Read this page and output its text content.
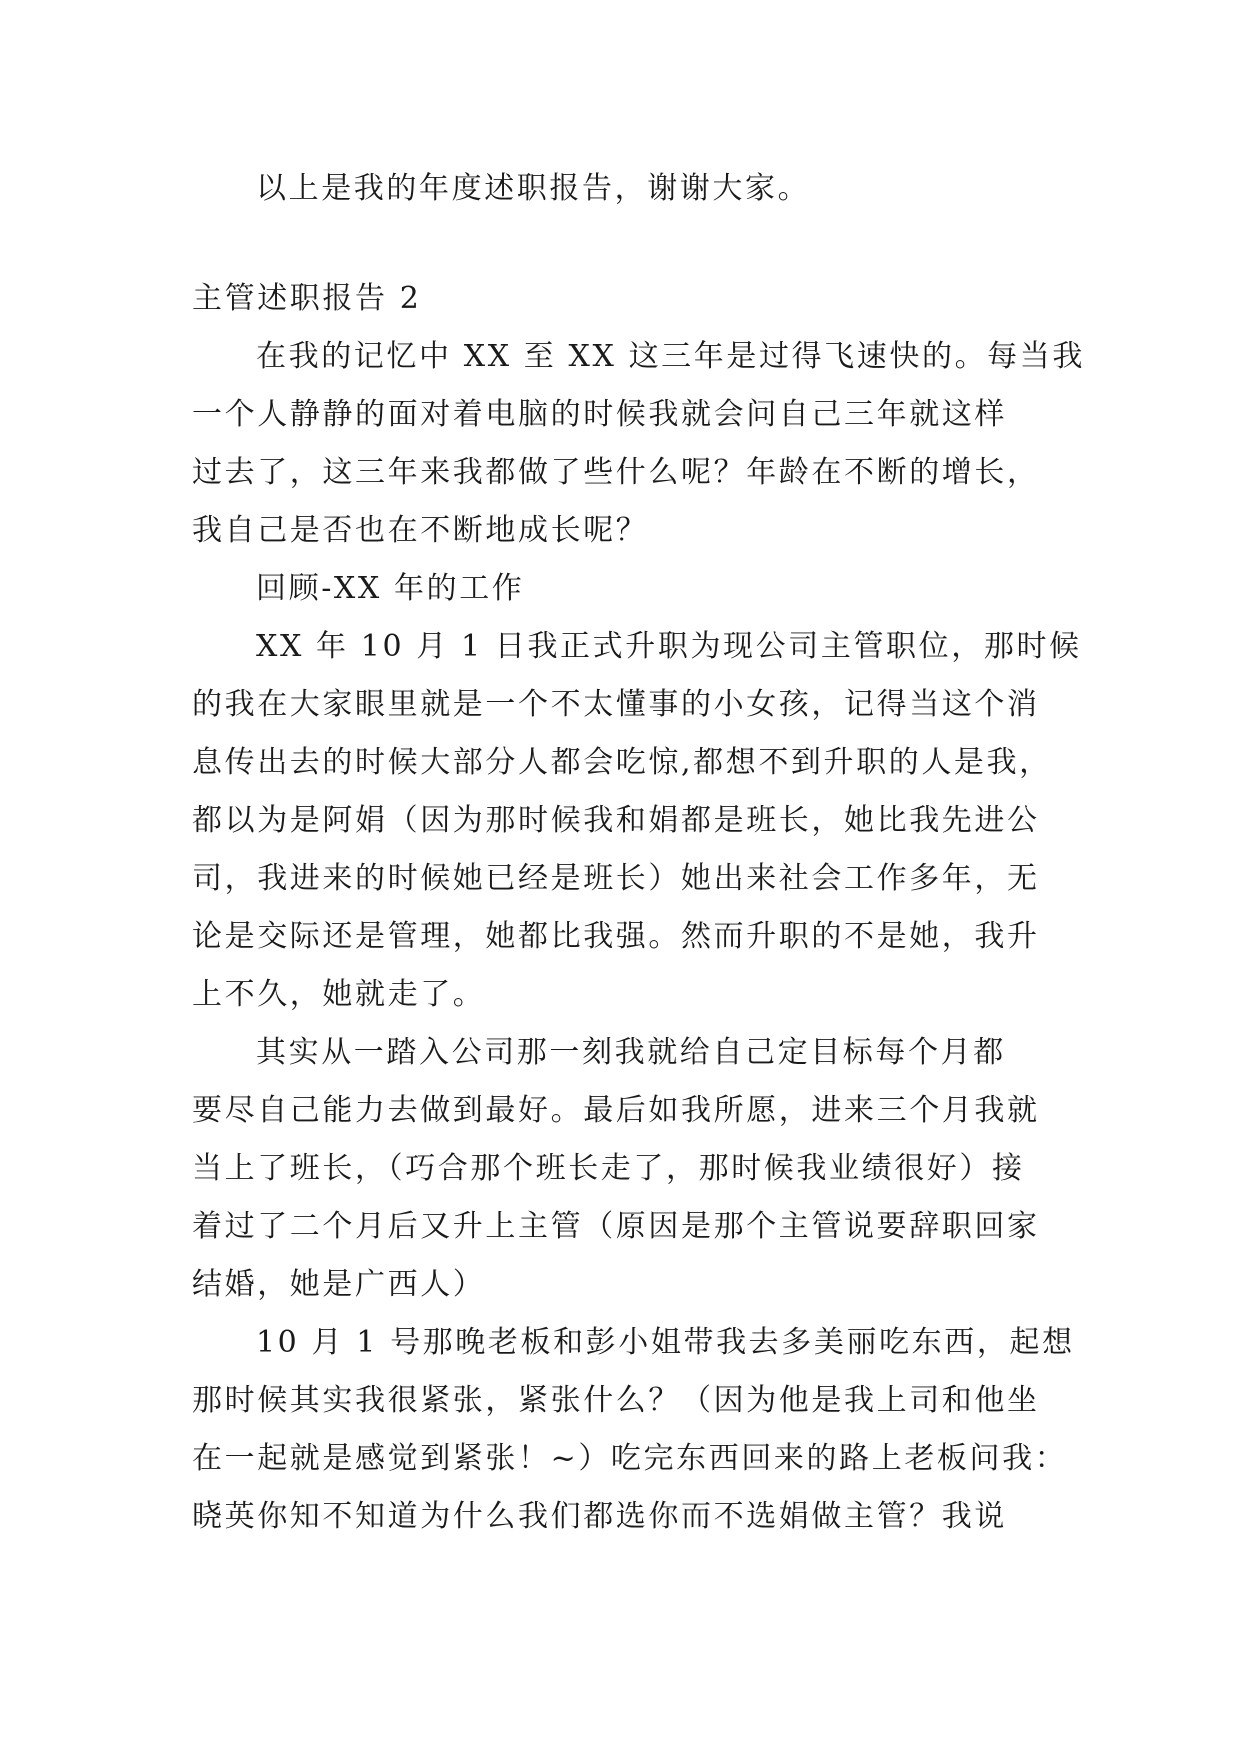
以上是我的年度述职报告，谢谢大家。
主管述职报告 2
在我的记忆中 XX 至 XX 这三年是过得飞速快的。每当我
一个人静静的面对着电脑的时候我就会问自己三年就这样
过去了，这三年来我都做了些什么呢？年龄在不断的增长，
我自己是否也在不断地成长呢？
回顾-XX 年的工作
XX 年 10 月 1 日我正式升职为现公司主管职位，那时候
的我在大家眼里就是一个不太懂事的小女孩，记得当这个消
息传出去的时候大部分人都会吃惊,都想不到升职的人是我，
都以为是阿娟（因为那时候我和娟都是班长，她比我先进公
司，我进来的时候她已经是班长）她出来社会工作多年，无
论是交际还是管理，她都比我强。然而升职的不是她，我升
上不久，她就走了。
其实从一踏入公司那一刻我就给自己定目标每个月都
要尽自己能力去做到最好。最后如我所愿，进来三个月我就
当上了班长，（巧合那个班长走了，那时候我业绩很好）接
着过了二个月后又升上主管（原因是那个主管说要辞职回家
结婚，她是广西人）
10 月 1 号那晚老板和彭小姐带我去多美丽吃东西，起想
那时候其实我很紧张，紧张什么？（因为他是我上司和他坐
在一起就是感觉到紧张！~）吃完东西回来的路上老板问我：
晓英你知不知道为什么我们都选你而不选娟做主管？我说
